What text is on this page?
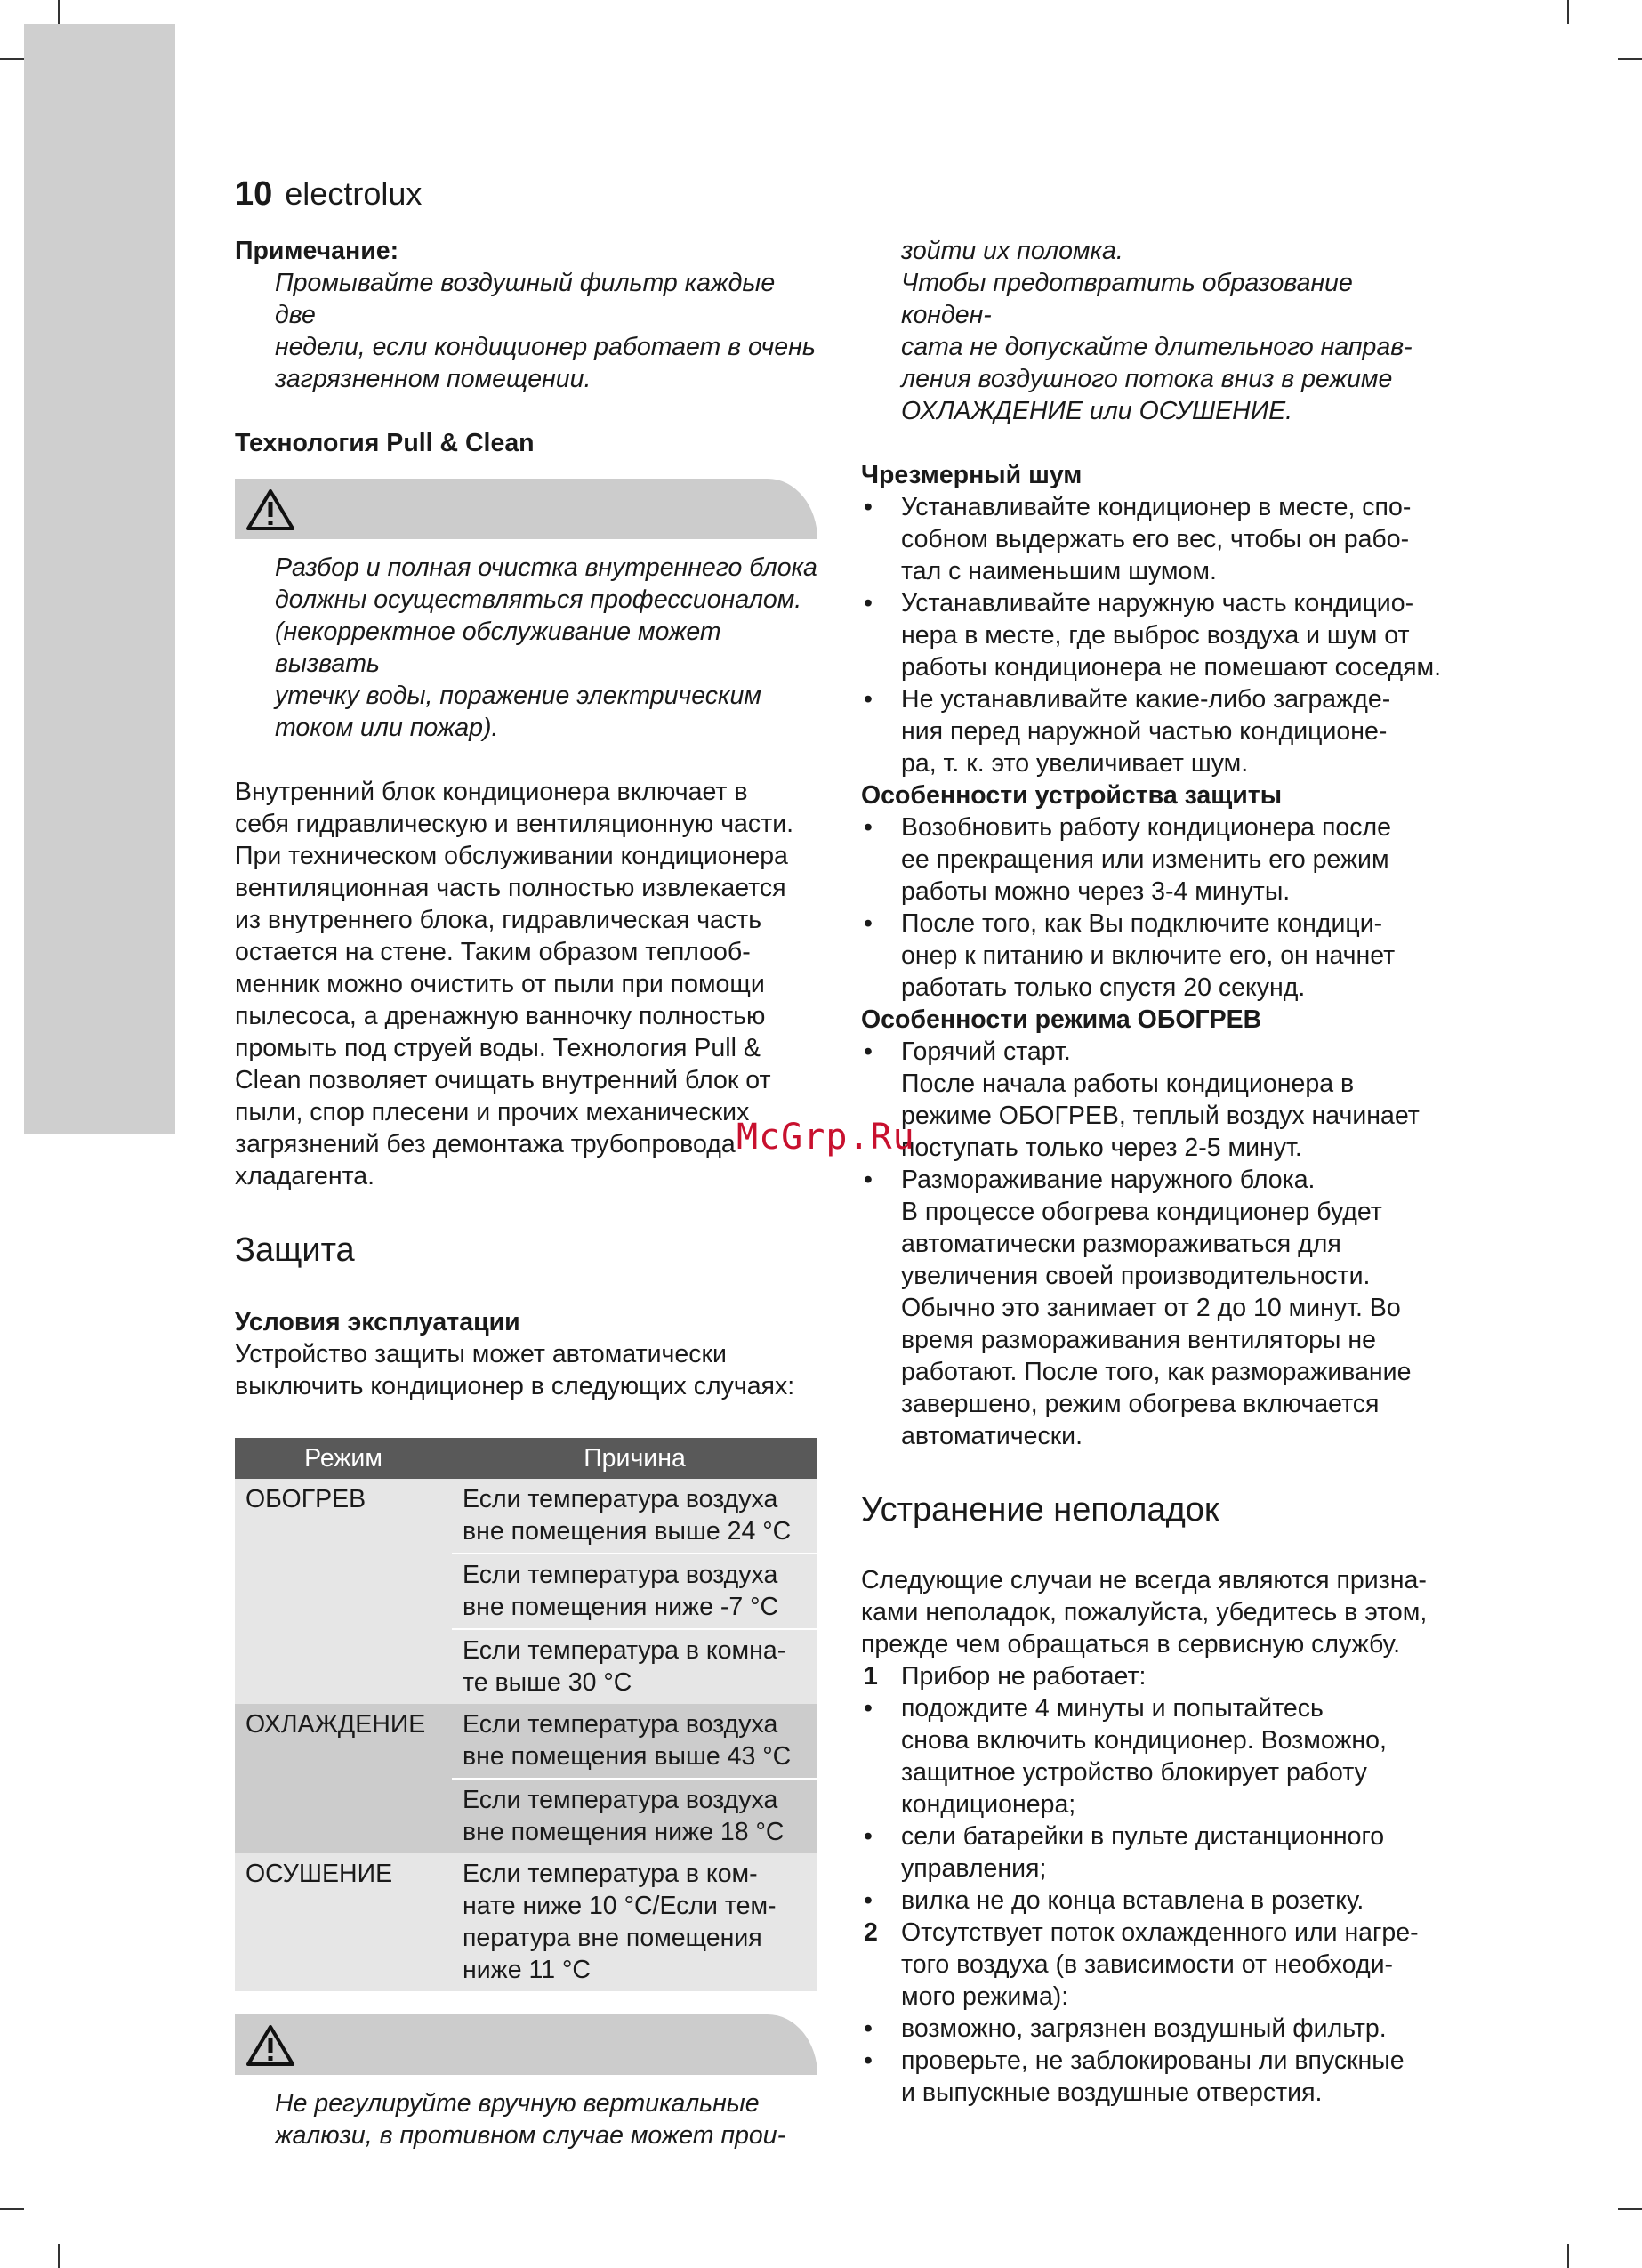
10 electrolux

Примечание:

Промывайте воздушный фильтр каждые две

недели, если кондиционер работает в очень

загрязненном помещении.

Технология Pull & Clean

Разбор и полная очистка внутреннего блока

должны осуществляться профессионалом.

(некорректное обслуживание может вызвать

утечку воды, поражение электрическим

током или пожар).

Внутренний блок кондиционера включает в

себя гидравлическую и вентиляционную части.

При техническом обслуживании кондиционера

вентиляционная часть полностью извлекается

из внутреннего блока, гидравлическая часть

остается на стене. Таким образом теплооб-

менник можно очистить от пыли при помощи

пылесоса, а дренажную ванночку полностью

промыть под струей воды. Технология Pull &

Clean позволяет очищать внутренний блок от

пыли, спор плесени и прочих механических

загрязнений без демонтажа трубопровода

хладагента.

Защита

Условия эксплуатации

Устройство защиты может автоматически

выключить кондиционер в следующих случаях:

Режим	Причина
ОБОГРЕВ	Если температура воздуха

вне помещения выше 24 °C

	Если температура воздуха

вне помещения ниже -7 °C

	Если температура в комна-

те выше 30 °C

ОХЛАЖДЕНИЕ	Если температура воздуха

вне помещения выше 43 °C

	Если температура воздуха

вне помещения ниже 18 °C

ОСУШЕНИЕ	Если температура в ком-

нате ниже 10 °C/Если тем-

пература вне помещения

ниже 11 °C

Не регулируйте вручную вертикальные

жалюзи, в противном случае может прои-

зойти их поломка.

Чтобы предотвратить образование конден-

сата не допускайте длительного направ-

ления воздушного потока вниз в режиме

ОХЛАЖДЕНИЕ или ОСУШЕНИЕ.

Чрезмерный шум

• Устанавливайте кондиционер в месте, спо-

собном выдержать его вес, чтобы он рабо-

тал с наименьшим шумом.

• Устанавливайте наружную часть кондицио-

нера в месте, где выброс воздуха и шум от

работы кондиционера не помешают соседям.

• Не устанавливайте какие-либо загражде-

ния перед наружной частью кондиционе-

ра, т. к. это увеличивает шум.

Особенности устройства защиты

• Возобновить работу кондиционера после

ее прекращения или изменить его режим

работы можно через 3-4 минуты.

• После того, как Вы подключите кондици-

онер к питанию и включите его, он начнет

работать только спустя 20 секунд.

Особенности режима ОБОГРЕВ

• Горячий старт.

После начала работы кондиционера в

режиме ОБОГРЕВ, теплый воздух начинает

поступать только через 2-5 минут.

• Размораживание наружного блока.

В процессе обогрева кондиционер будет

автоматически размораживаться для

увеличения своей производительности.

Обычно это занимает от 2 до 10 минут. Во

время размораживания вентиляторы не

работают. После того, как размораживание

завершено, режим обогрева включается

автоматически.

Устранение неполадок

Следующие случаи не всегда являются призна-

ками неполадок, пожалуйста, убедитесь в этом,

прежде чем обращаться в сервисную службу.

1 Прибор не работает:

• подождите 4 минуты и попытайтесь

снова включить кондиционер. Возможно,

защитное устройство блокирует работу

кондиционера;

• сели батарейки в пульте дистанционного

управления;

• вилка не до конца вставлена в розетку.

2 Отсутствует поток охлажденного или нагре-

того воздуха (в зависимости от необходи-

мого режима):

• возможно, загрязнен воздушный фильтр.

• проверьте, не заблокированы ли впускные

и выпускные воздушные отверстия.

McGrp.Ru
